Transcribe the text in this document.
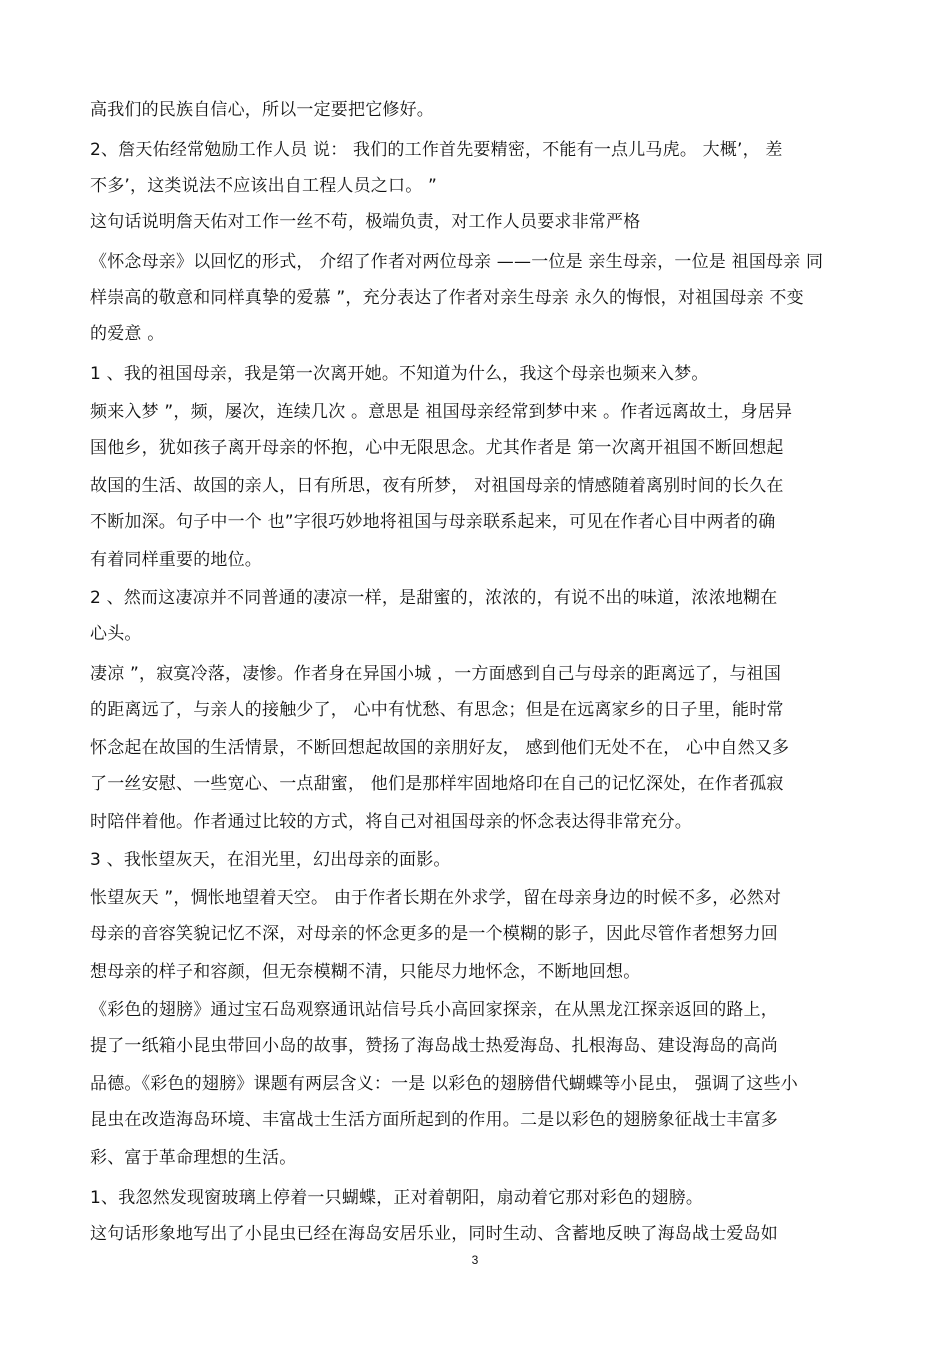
高我们的民族自信心，所以一定要把它修好。
2、詹天佑经常勉励工作人员 说： 我们的工作首先要精密，不能有一点儿马虎。 大概’， 差
不多’，这类说法不应该出自工程人员之口。 ”
这句话说明詹天佑对工作一丝不苟，极端负责，对工作人员要求非常严格
《怀念母亲》以回忆的形式， 介绍了作者对两位母亲 ——一位是 亲生母亲，一位是 祖国母亲 同
样崇高的敬意和同样真挚的爱慕 ”，充分表达了作者对亲生母亲 永久的悔恨，对祖国母亲 不变
的爱意 。
1 、我的祖国母亲，我是第一次离开她。不知道为什么，我这个母亲也频来入梦。
频来入梦 ”，频，屡次，连续几次 。意思是 祖国母亲经常到梦中来 。作者远离故土，身居异
国他乡，犹如孩子离开母亲的怀抱，心中无限思念。尤其作者是 第一次离开祖国不断回想起
故国的生活、故国的亲人，日有所思，夜有所梦， 对祖国母亲的情感随着离别时间的长久在
不断加深。句子中一个 也”字很巧妙地将祖国与母亲联系起来，可见在作者心目中两者的确
有着同样重要的地位。
2 、然而这凄凉并不同普通的凄凉一样，是甜蜜的，浓浓的，有说不出的味道，浓浓地糊在
心头。
凄凉 ”，寂寞冷落，凄惨。作者身在异国小城 ，一方面感到自己与母亲的距离远了，与祖国
的距离远了，与亲人的接触少了， 心中有忧愁、有思念；但是在远离家乡的日子里，能时常
怀念起在故国的生活情景，不断回想起故国的亲朋好友， 感到他们无处不在， 心中自然又多
了一丝安慰、一些宽心、一点甜蜜， 他们是那样牢固地烙印在自己的记忆深处，在作者孤寂
时陪伴着他。作者通过比较的方式，将自己对祖国母亲的怀念表达得非常充分。
3 、我怅望灰天，在泪光里，幻出母亲的面影。
怅望灰天 ”，惆怅地望着天空。 由于作者长期在外求学，留在母亲身边的时候不多，必然对
母亲的音容笑貌记忆不深，对母亲的怀念更多的是一个模糊的影子，因此尽管作者想努力回
想母亲的样子和容颜，但无奈模糊不清，只能尽力地怀念，不断地回想。
《彩色的翅膀》通过宝石岛观察通讯站信号兵小高回家探亲，在从黑龙江探亲返回的路上，
提了一纸箱小昆虫带回小岛的故事，赞扬了海岛战士热爱海岛、扎根海岛、建设海岛的高尚
品德。《彩色的翅膀》课题有两层含义：一是 以彩色的翅膀借代蝴蝶等小昆虫， 强调了这些小
昆虫在改造海岛环境、丰富战士生活方面所起到的作用。二是以彩色的翅膀象征战士丰富多
彩、富于革命理想的生活。
1、我忽然发现窗玻璃上停着一只蝴蝶，正对着朝阳，扇动着它那对彩色的翅膀。
这句话形象地写出了小昆虫已经在海岛安居乐业，同时生动、含蓄地反映了海岛战士爱岛如
3
